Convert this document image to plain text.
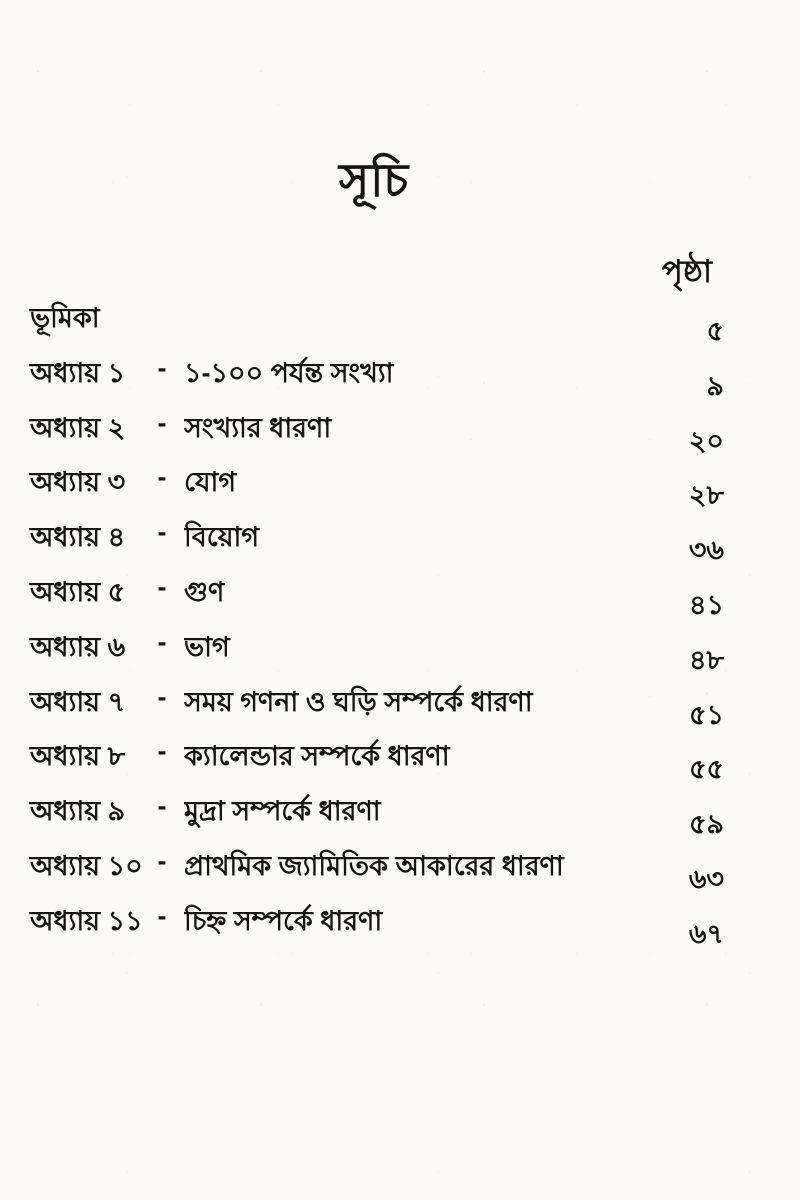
সূচি
পৃষ্ঠা
ভূমিকা	৫
অধ্যায় ১	- ১-১০০ পর্যন্ত সংখ্যা	৯
অধ্যায় ২	- সংখ্যার ধারণা	২০
অধ্যায় ৩	- যোগ	২৮
অধ্যায় ৪	- বিয়োগ	৩৬
অধ্যায় ৫	- গুণ	৪১
অধ্যায় ৬	- ভাগ	৪৮
অধ্যায় ৭	- সময় গণনা ও ঘড়ি সম্পর্কে ধারণা	৫১
অধ্যায় ৮	- ক্যালেন্ডার সম্পর্কে ধারণা	৫৫
অধ্যায় ৯	- মুদ্রা সম্পর্কে ধারণা	৫৯
অধ্যায় ১০ - প্রাথমিক জ্যামিতিক আকারের ধারণা	৬৩
অধ্যায় ১১ - চিহ্ন সম্পর্কে ধারণা	৬৭
